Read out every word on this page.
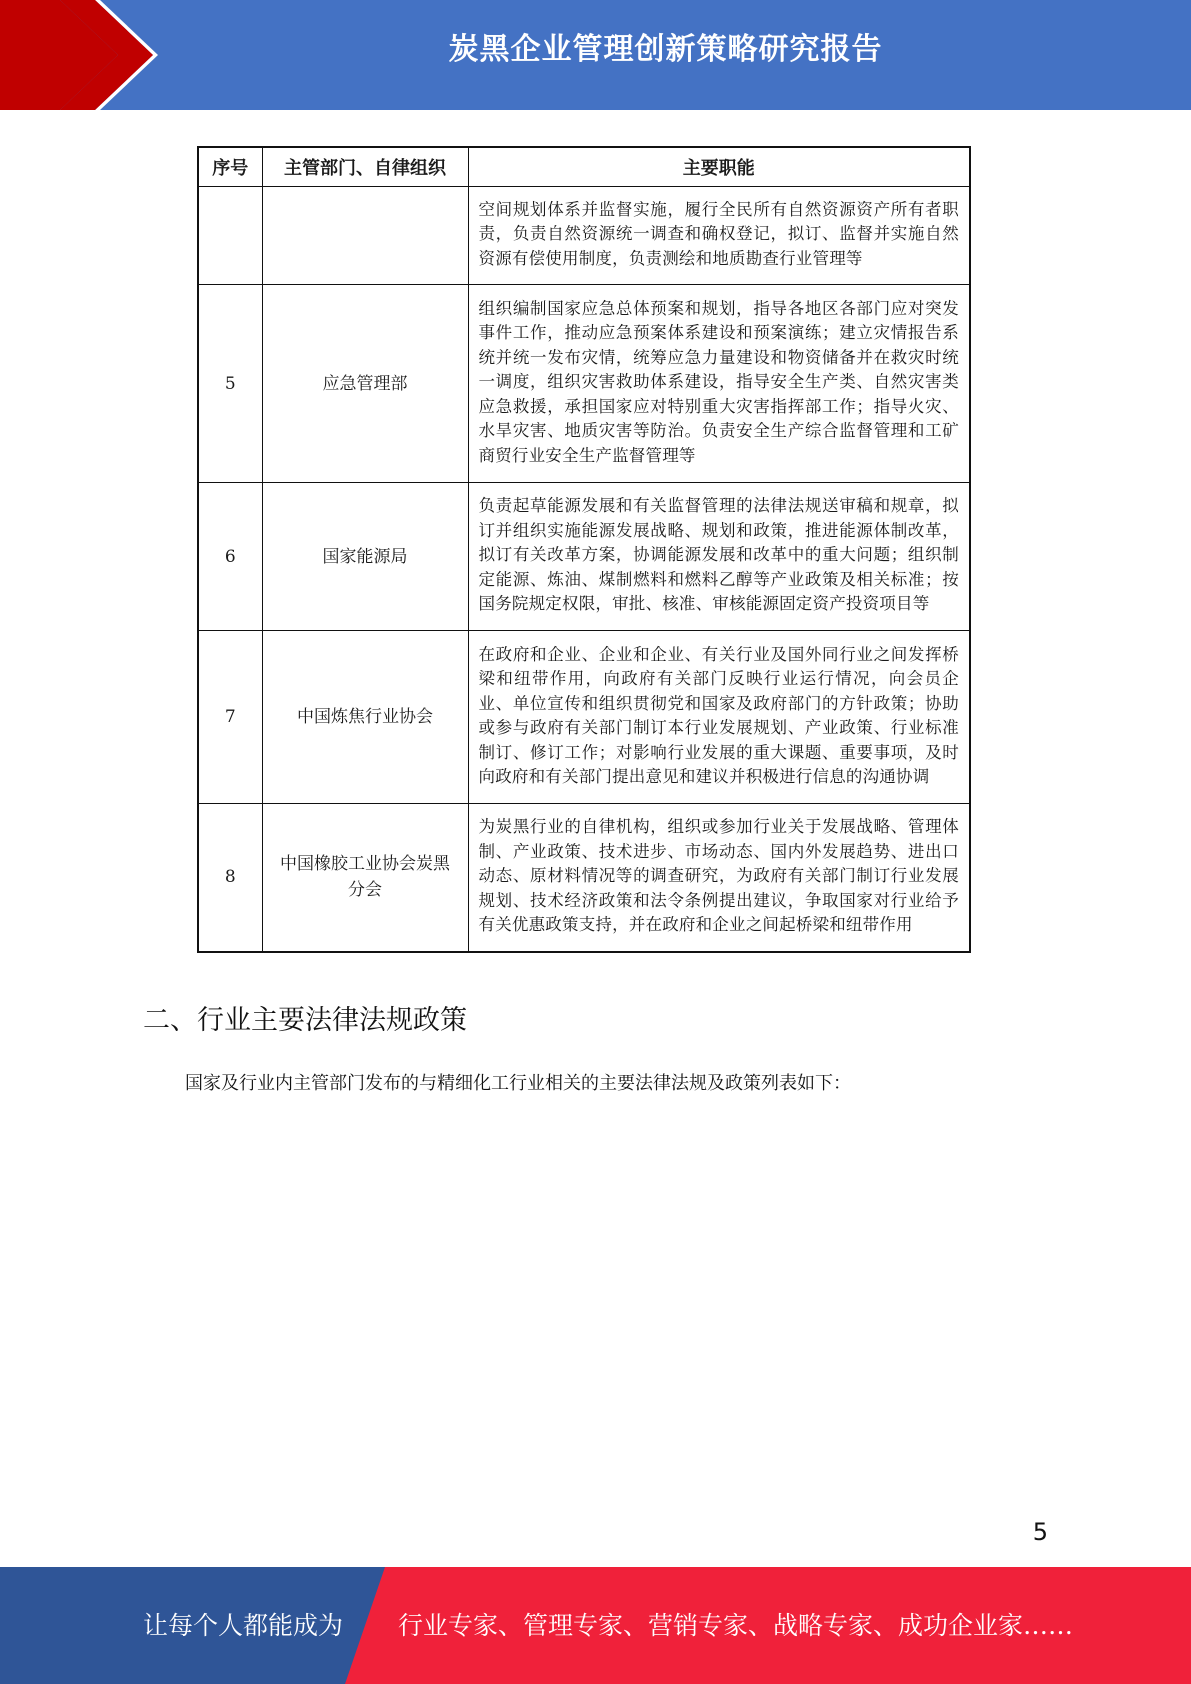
炭黑企业管理创新策略研究报告
序号	主管部门、自律组织	主要职能
		空间规划体系并监督实施，履行全民所有自然资源资产所有者职责，负责自然资源统一调查和确权登记，拟订、监督并实施自然资源有偿使用制度，负责测绘和地质勘查行业管理等
5	应急管理部	组织编制国家应急总体预案和规划，指导各地区各部门应对突发事件工作，推动应急预案体系建设和预案演练；建立灾情报告系统并统一发布灾情，统筹应急力量建设和物资储备并在救灾时统一调度，组织灾害救助体系建设，指导安全生产类、自然灾害类应急救援，承担国家应对特别重大灾害指挥部工作；指导火灾、水旱灾害、地质灾害等防治。负责安全生产综合监督管理和工矿商贸行业安全生产监督管理等
6	国家能源局	负责起草能源发展和有关监督管理的法律法规送审稿和规章，拟订并组织实施能源发展战略、规划和政策，推进能源体制改革，拟订有关改革方案，协调能源发展和改革中的重大问题；组织制定能源、炼油、煤制燃料和燃料乙醇等产业政策及相关标准；按国务院规定权限，审批、核准、审核能源固定资产投资项目等
7	中国炼焦行业协会	在政府和企业、企业和企业、有关行业及国外同行业之间发挥桥梁和纽带作用，向政府有关部门反映行业运行情况，向会员企业、单位宣传和组织贯彻党和国家及政府部门的方针政策；协助或参与政府有关部门制订本行业发展规划、产业政策、行业标准制订、修订工作；对影响行业发展的重大课题、重要事项，及时向政府和有关部门提出意见和建议并积极进行信息的沟通协调
8	中国橡胶工业协会炭黑分会	为炭黑行业的自律机构，组织或参加行业关于发展战略、管理体制、产业政策、技术进步、市场动态、国内外发展趋势、进出口动态、原材料情况等的调查研究，为政府有关部门制订行业发展规划、技术经济政策和法令条例提出建议，争取国家对行业给予有关优惠政策支持，并在政府和企业之间起桥梁和纽带作用
二、行业主要法律法规政策
国家及行业内主管部门发布的与精细化工行业相关的主要法律法规及政策列表如下：
5
让每个人都能成为 行业专家、管理专家、营销专家、战略专家、成功企业家……
